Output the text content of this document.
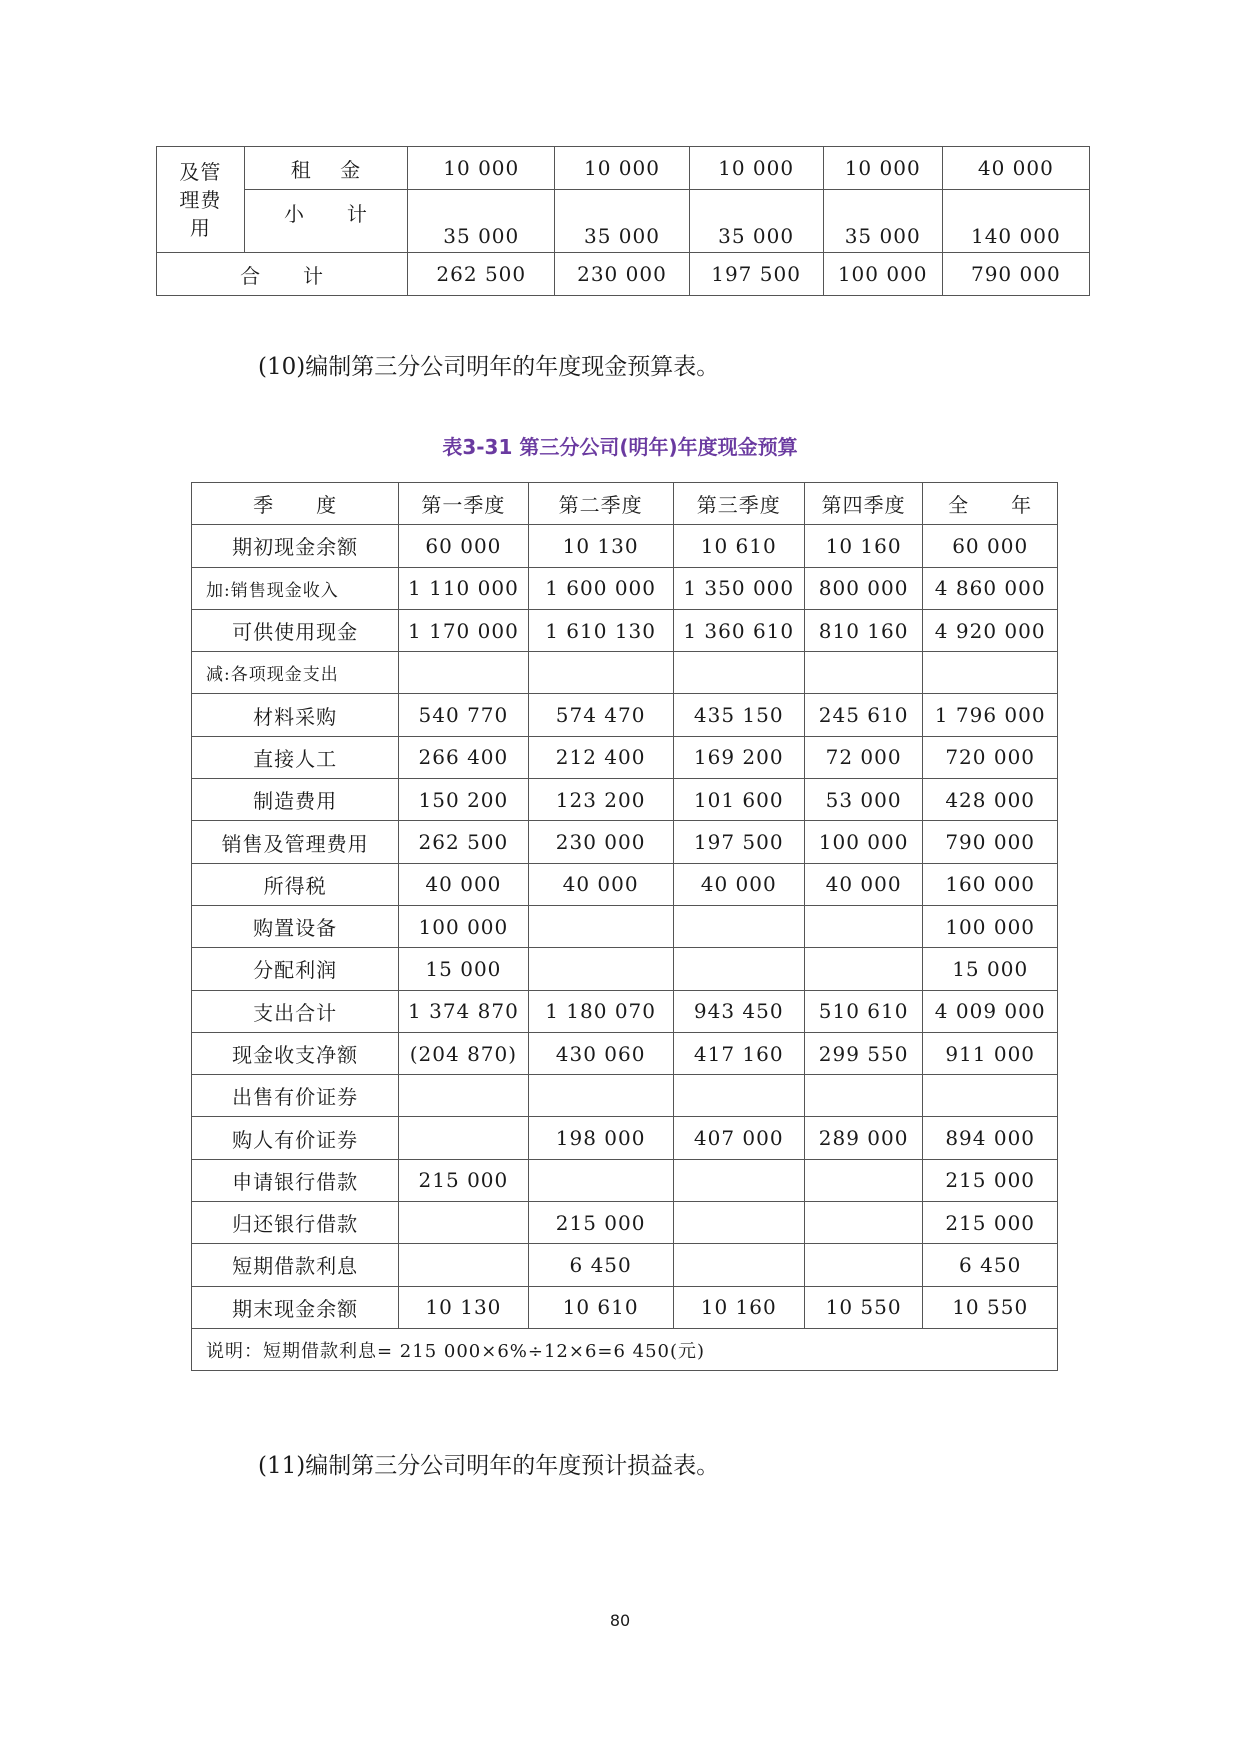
及管
理费
用	租　 金	10 000	10 000	10 000	10 000	40 000
	小　　计	35 000	35 000	35 000	35 000	140 000
合　　计		262 500	230 000	197 500	100 000	790 000
(10)编制第三分公司明年的年度现金预算表。
表3-31 第三分公司(明年)年度现金预算
季　　度	第一季度	第二季度	第三季度	第四季度	全　　年
期初现金余额	60 000	10 130	10 610	10 160	60 000
加:销售现金收入	1 110 000	1 600 000	1 350 000	800 000	4 860 000
可供使用现金	1 170 000	1 610 130	1 360 610	810 160	4 920 000
减:各项现金支出					
材料采购	540 770	574 470	435 150	245 610	1 796 000
直接人工	266 400	212 400	169 200	72 000	720 000
制造费用	150 200	123 200	101 600	53 000	428 000
销售及管理费用	262 500	230 000	197 500	100 000	790 000
所得税	40 000	40 000	40 000	40 000	160 000
购置设备	100 000				100 000
分配利润	15 000				15 000
支出合计	1 374 870	1 180 070	943 450	510 610	4 009 000
现金收支净额	(204 870)	430 060	417 160	299 550	911 000
出售有价证券					
购人有价证券		198 000	407 000	289 000	894 000
申请银行借款	215 000				215 000
归还银行借款		215 000			215 000
短期借款利息		6 450			6 450
期末现金余额	10 130	10 610	10 160	10 550	10 550
说明：短期借款利息= 215 000×6%÷12×6=6 450(元)					
(11)编制第三分公司明年的年度预计损益表。
80
